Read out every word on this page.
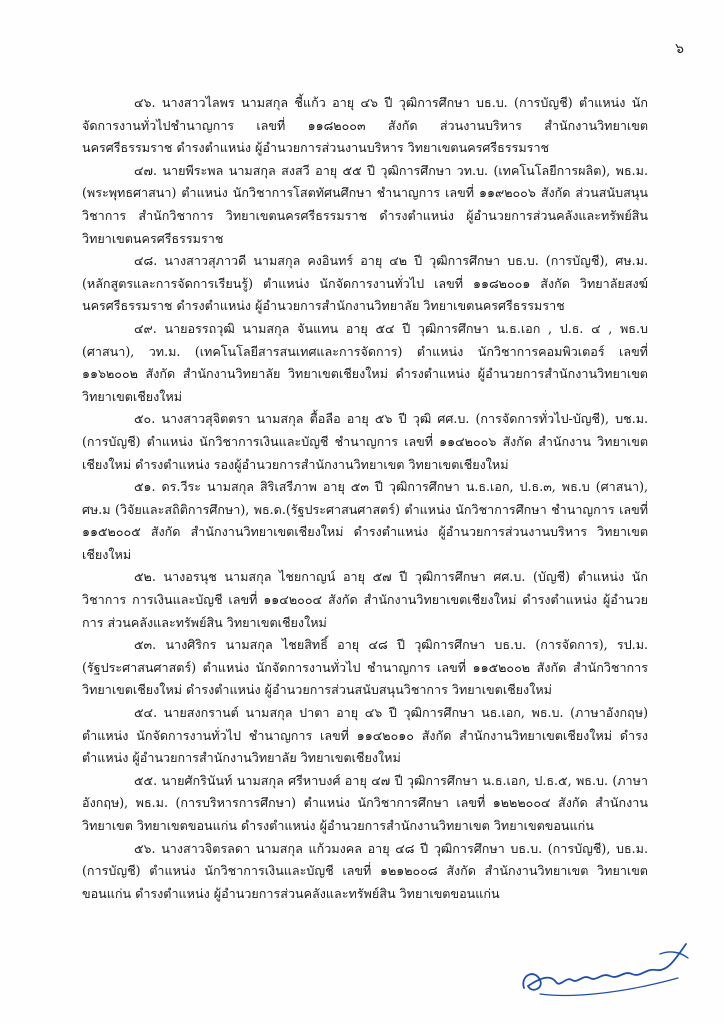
๖

๔๖. นางสาวไลพร นามสกุล ชี้แก้ว อายุ ๔๖ ปี วุฒิการศึกษา บธ.บ. (การบัญชี) ตำแหน่ง นักจัดการงานทั่วไปชำนาญการ เลขที่ ๑๑๘๒๐๐๓ สังกัด ส่วนงานบริหาร สำนักงานวิทยาเขต นครศรีธรรมราช ดำรงตำแหน่ง ผู้อำนวยการส่วนงานบริหาร วิทยาเขตนครศรีธรรมราช

๔๗. นายพีระพล นามสกุล สงสวี อายุ ๕๕ ปี วุฒิการศึกษา วท.บ. (เทคโนโลยีการผลิต), พธ.ม. (พระพุทธศาสนา) ตำแหน่ง นักวิชาการโสตทัศนศึกษา ชำนาญการ เลขที่ ๑๑๙๒๐๐๖ สังกัด ส่วนสนับสนุน วิชาการ สำนักวิชาการ วิทยาเขตนครศรีธรรมราช ดำรงตำแหน่ง ผู้อำนวยการส่วนคลังและทรัพย์สิน วิทยาเขตนครศรีธรรมราช

๔๘. นางสาวสุภาวดี นามสกุล คงอินทร์ อายุ ๔๒ ปี วุฒิการศึกษา บธ.บ. (การบัญชี), ศษ.ม. (หลักสูตรและการจัดการเรียนรู้) ตำแหน่ง นักจัดการงานทั่วไป เลขที่ ๑๑๘๒๐๐๑ สังกัด วิทยาลัยสงฆ์ นครศรีธรรมราช ดำรงตำแหน่ง ผู้อำนวยการสำนักงานวิทยาลัย วิทยาเขตนครศรีธรรมราช

๔๙. นายอรรถวุฒิ นามสกุล จันแทน อายุ ๕๔ ปี วุฒิการศึกษา น.ธ.เอก , ป.ธ. ๔ , พธ.บ (ศาสนา), วท.ม. (เทคโนโลยีสารสนเทศและการจัดการ) ตำแหน่ง นักวิชาการคอมพิวเตอร์ เลขที่ ๑๑๖๒๐๐๒ สังกัด สำนักงานวิทยาลัย วิทยาเขตเชียงใหม่ ดำรงตำแหน่ง ผู้อำนวยการสำนักงานวิทยาเขต วิทยาเขตเชียงใหม่

๕๐. นางสาวสุจิตตรา นามสกุล ตื้อลือ อายุ ๕๖ ปี วุฒิ ศศ.บ. (การจัดการทั่วไป-บัญชี), บช.ม. (การบัญชี) ตำแหน่ง นักวิชาการเงินและบัญชี ชำนาญการ เลขที่ ๑๑๔๒๐๐๖ สังกัด สำนักงาน วิทยาเขตเชียงใหม่ ดำรงตำแหน่ง รองผู้อำนวยการสำนักงานวิทยาเขต วิทยาเขตเชียงใหม่

๕๑. ดร.วีระ นามสกุล สิริเสรีภาพ อายุ ๕๓ ปี วุฒิการศึกษา น.ธ.เอก, ป.ธ.๓, พธ.บ (ศาสนา), ศษ.ม (วิจัยและสถิติการศึกษา), พธ.ด.(รัฐประศาสนศาสตร์) ตำแหน่ง นักวิชาการศึกษา ชำนาญการ เลขที่ ๑๑๕๒๐๐๕ สังกัด สำนักงานวิทยาเขตเชียงใหม่ ดำรงตำแหน่ง ผู้อำนวยการส่วนงานบริหาร วิทยาเขตเชียงใหม่

๕๒. นางอรนุช นามสกุล ไชยกาญน์ อายุ ๕๗ ปี วุฒิการศึกษา ศศ.บ. (บัญชี) ตำแหน่ง นักวิชาการ การเงินและบัญชี เลขที่ ๑๑๔๒๐๐๔ สังกัด สำนักงานวิทยาเขตเชียงใหม่ ดำรงตำแหน่ง ผู้อำนวยการ ส่วนคลังและทรัพย์สิน วิทยาเขตเชียงใหม่

๕๓. นางศิริกร นามสกุล ไชยสิทธิ์ อายุ ๔๘ ปี วุฒิการศึกษา บธ.บ. (การจัดการ), รป.ม. (รัฐประศาสนศาสตร์) ตำแหน่ง นักจัดการงานทั่วไป ชำนาญการ เลขที่ ๑๑๕๒๐๐๒ สังกัด สำนักวิชาการ วิทยาเขตเชียงใหม่ ดำรงตำแหน่ง ผู้อำนวยการส่วนสนับสนุนวิชาการ วิทยาเขตเชียงใหม่

๕๔. นายสงกรานต์ นามสกุล ปาตา อายุ ๔๖ ปี วุฒิการศึกษา นธ.เอก, พธ.บ. (ภาษาอังกฤษ) ตำแหน่ง นักจัดการงานทั่วไป ชำนาญการ เลขที่ ๑๑๔๒๐๑๐ สังกัด สำนักงานวิทยาเขตเชียงใหม่ ดำรงตำแหน่ง ผู้อำนวยการสำนักงานวิทยาลัย วิทยาเขตเชียงใหม่

๕๕. นายศักรินันท์ นามสกุล ศรีหาบงศ์ อายุ ๔๗ ปี วุฒิการศึกษา น.ธ.เอก, ป.ธ.๕, พธ.บ. (ภาษาอังกฤษ), พธ.ม. (การบริหารการศึกษา) ตำแหน่ง นักวิชาการศึกษา เลขที่ ๑๒๒๒๐๐๔ สังกัด สำนักงานวิทยาเขต วิทยาเขตขอนแก่น ดำรงตำแหน่ง ผู้อำนวยการสำนักงานวิทยาเขต วิทยาเขตขอนแก่น

๕๖. นางสาวจิตรลดา นามสกุล แก้วมงคล อายุ ๔๘ ปี วุฒิการศึกษา บธ.บ. (การบัญชี), บธ.ม. (การบัญชี) ตำแหน่ง นักวิชาการเงินและบัญชี เลขที่ ๑๒๑๒๐๐๘ สังกัด สำนักงานวิทยาเขต วิทยาเขตขอนแก่น ดำรงตำแหน่ง ผู้อำนวยการส่วนคลังและทรัพย์สิน วิทยาเขตขอนแก่น
